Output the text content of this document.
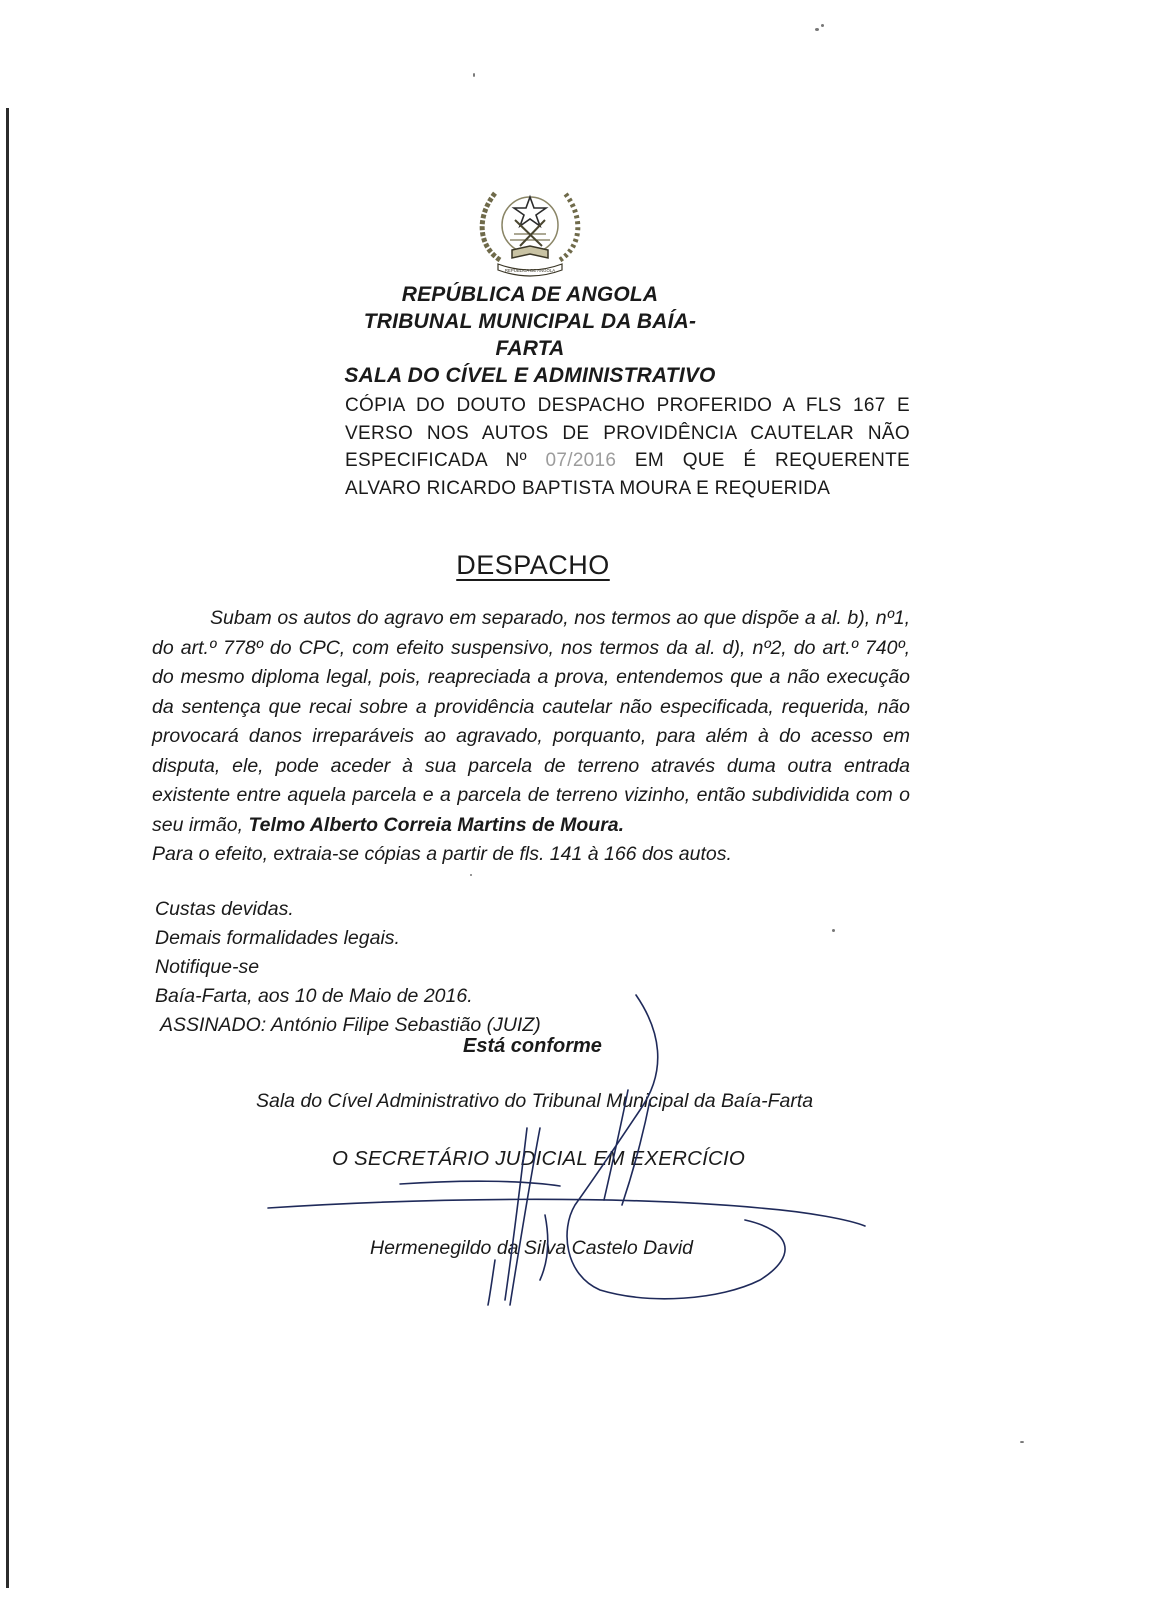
REPÚBLICA DE ANGOLA
REPÚBLICA DE ANGOLA
TRIBUNAL MUNICIPAL DA BAÍA-FARTA
SALA DO CÍVEL E ADMINISTRATIVO
CÓPIA DO DOUTO DESPACHO PROFERIDO A FLS 167 E VERSO NOS AUTOS DE PROVIDÊNCIA CAUTELAR NÃO ESPECIFICADA Nº 07/2016 EM QUE É REQUERENTE ALVARO RICARDO BAPTISTA MOURA E REQUERIDA
DESPACHO

Subam os autos do agravo em separado, nos termos ao que dispõe a al. b), nº1, do art.º 778º do CPC, com efeito suspensivo, nos termos da al. d), nº2, do art.º 740º, do mesmo diploma legal, pois, reapreciada a prova, entendemos que a não execução da sentença que recai sobre a providência cautelar não especificada, requerida, não provocará danos irreparáveis ao agravado, porquanto, para além à do acesso em disputa, ele, pode aceder à sua parcela de terreno através duma outra entrada existente entre aquela parcela e a parcela de terreno vizinho, então subdividida com o seu irmão, Telmo Alberto Correia Martins de Moura.

Para o efeito, extraia-se cópias a partir de fls. 141 à 166 dos autos.

Custas devidas.
Demais formalidades legais.
Notifique-se
Baía-Farta, aos 10 de Maio de 2016.
ASSINADO: António Filipe Sebastião (JUIZ)
Está conforme
Sala do Cível Administrativo do Tribunal Municipal da Baía-Farta
O SECRETÁRIO JUDICIAL EM EXERCÍCIO
Hermenegildo da Silva Castelo David
